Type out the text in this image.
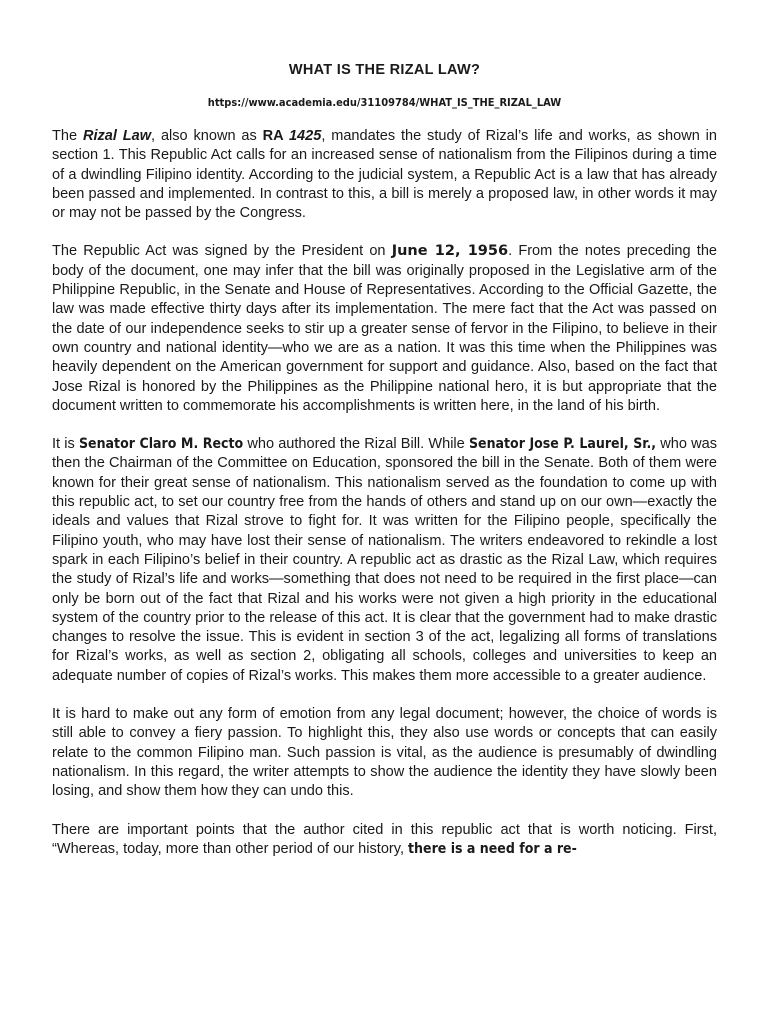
WHAT IS THE RIZAL LAW?
https://www.academia.edu/31109784/WHAT_IS_THE_RIZAL_LAW

The Rizal Law, also known as RA 1425, mandates the study of Rizal’s life and works, as shown in section 1. This Republic Act calls for an increased sense of nationalism from the Filipinos during a time of a dwindling Filipino identity. According to the judicial system, a Republic Act is a law that has already been passed and implemented. In contrast to this, a bill is merely a proposed law, in other words it may or may not be passed by the Congress.

The Republic Act was signed by the President on June 12, 1956. From the notes preceding the body of the document, one may infer that the bill was originally proposed in the Legislative arm of the Philippine Republic, in the Senate and House of Representatives. According to the Official Gazette, the law was made effective thirty days after its implementation. The mere fact that the Act was passed on the date of our independence seeks to stir up a greater sense of fervor in the Filipino, to believe in their own country and national identity—who we are as a nation. It was this time when the Philippines was heavily dependent on the American government for support and guidance. Also, based on the fact that Jose Rizal is honored by the Philippines as the Philippine national hero, it is but appropriate that the document written to commemorate his accomplishments is written here, in the land of his birth.

It is Senator Claro M. Recto who authored the Rizal Bill. While Senator Jose P. Laurel, Sr., who was then the Chairman of the Committee on Education, sponsored the bill in the Senate. Both of them were known for their great sense of nationalism. This nationalism served as the foundation to come up with this republic act, to set our country free from the hands of others and stand up on our own—exactly the ideals and values that Rizal strove to fight for. It was written for the Filipino people, specifically the Filipino youth, who may have lost their sense of nationalism. The writers endeavored to rekindle a lost spark in each Filipino’s belief in their country. A republic act as drastic as the Rizal Law, which requires the study of Rizal’s life and works—something that does not need to be required in the first place—can only be born out of the fact that Rizal and his works were not given a high priority in the educational system of the country prior to the release of this act. It is clear that the government had to make drastic changes to resolve the issue. This is evident in section 3 of the act, legalizing all forms of translations for Rizal’s works, as well as section 2, obligating all schools, colleges and universities to keep an adequate number of copies of Rizal’s works. This makes them more accessible to a greater audience.

It is hard to make out any form of emotion from any legal document; however, the choice of words is still able to convey a fiery passion. To highlight this, they also use words or concepts that can easily relate to the common Filipino man. Such passion is vital, as the audience is presumably of dwindling nationalism. In this regard, the writer attempts to show the audience the identity they have slowly been losing, and show them how they can undo this.

There are important points that the author cited in this republic act that is worth noticing. First, “Whereas, today, more than other period of our history, there is a need for a re-
